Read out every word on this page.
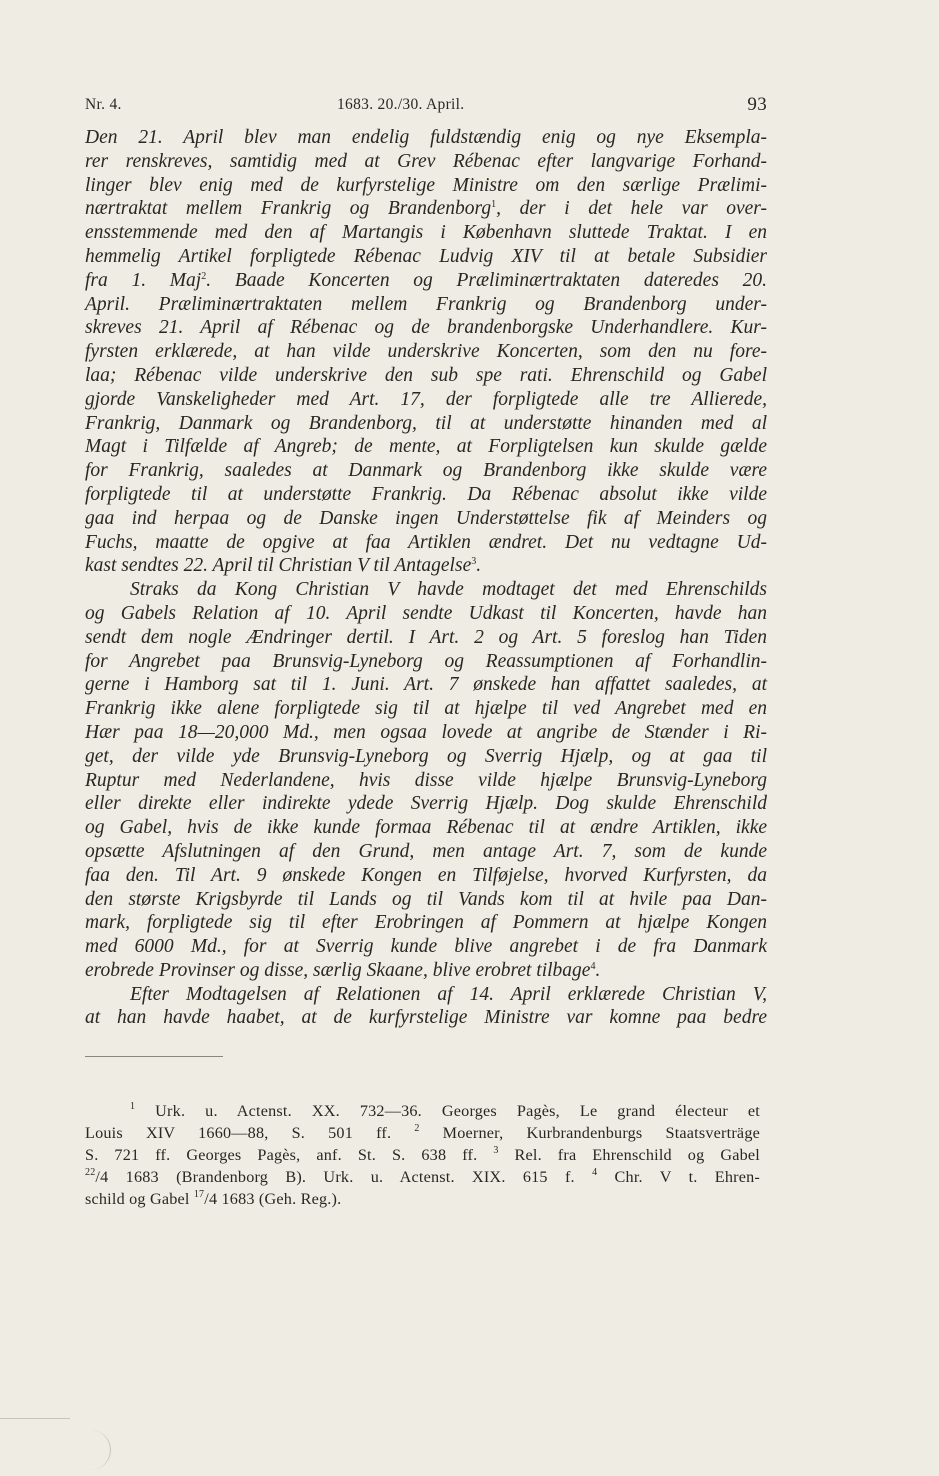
Nr. 4.	1683. 20./30. April.	93
Den 21. April blev man endelig fuldstændig enig og nye Eksempla-
rer renskreves, samtidig med at Grev Rébenac efter langvarige Forhand-
linger blev enig med de kurfyrstelige Ministre om den særlige Prælimi-
nærtraktat mellem Frankrig og Brandenborg$^1$, der i det hele var over-
ensstemmende med den af Martangis i København sluttede Traktat. I en
hemmelig Artikel forpligtede Rébenac Ludvig XIV til at betale Subsidier
fra 1. Maj$^2$. Baade Koncerten og Præliminærtraktaten dateredes 20.
April. Præliminærtraktaten mellem Frankrig og Brandenborg under-
skreves 21. April af Rébenac og de brandenborgske Underhandlere. Kur-
fyrsten erklærede, at han vilde underskrive Koncerten, som den nu fore-
laa; Rébenac vilde underskrive den sub spe rati. Ehrenschild og Gabel
gjorde Vanskeligheder med Art. 17, der forpligtede alle tre Allierede,
Frankrig, Danmark og Brandenborg, til at understøtte hinanden med al
Magt i Tilfælde af Angreb; de mente, at Forpligtelsen kun skulde gælde
for Frankrig, saaledes at Danmark og Brandenborg ikke skulde være
forpligtede til at understøtte Frankrig. Da Rébenac absolut ikke vilde
gaa ind herpaa og de Danske ingen Understøttelse fik af Meinders og
Fuchs, maatte de opgive at faa Artiklen ændret. Det nu vedtagne Ud-
kast sendtes 22. April til Christian V til Antagelse$^3$.
Straks da Kong Christian V havde modtaget det med Ehrenschilds
og Gabels Relation af 10. April sendte Udkast til Koncerten, havde han
sendt dem nogle Ændringer dertil. I Art. 2 og Art. 5 foreslog han Tiden
for Angrebet paa Brunsvig-Lyneborg og Reassumptionen af Forhandlin-
gerne i Hamborg sat til 1. Juni. Art. 7 ønskede han affattet saaledes, at
Frankrig ikke alene forpligtede sig til at hjælpe til ved Angrebet med en
Hær paa 18—20,000 Md., men ogsaa lovede at angribe de Stænder i Ri-
get, der vilde yde Brunsvig-Lyneborg og Sverrig Hjælp, og at gaa til
Ruptur med Nederlandene, hvis disse vilde hjælpe Brunsvig-Lyneborg
eller direkte eller indirekte ydede Sverrig Hjælp. Dog skulde Ehrenschild
og Gabel, hvis de ikke kunde formaa Rébenac til at ændre Artiklen, ikke
opsætte Afslutningen af den Grund, men antage Art. 7, som de kunde
faa den. Til Art. 9 ønskede Kongen en Tilføjelse, hvorved Kurfyrsten, da
den største Krigsbyrde til Lands og til Vands kom til at hvile paa Dan-
mark, forpligtede sig til efter Erobringen af Pommern at hjælpe Kongen
med 6000 Md., for at Sverrig kunde blive angrebet i de fra Danmark
erobrede Provinser og disse, særlig Skaane, blive erobret tilbage$^4$.
Efter Modtagelsen af Relationen af 14. April erklærede Christian V,
at han havde haabet, at de kurfyrstelige Ministre var komne paa bedre
$^1$ Urk. u. Actenst. XX. 732—36. Georges Pagès, Le grand électeur et
Louis XIV 1660—88, S. 501 ff. $^2$ Moerner, Kurbrandenburgs Staatsverträge
S. 721 ff. Georges Pagès, anf. St. S. 638 ff. $^3$ Rel. fra Ehrenschild og Gabel
$^{22}$/4 1683 (Brandenborg B). Urk. u. Actenst. XIX. 615 f. $^4$ Chr. V t. Ehren-
schild og Gabel $^{17}$/4 1683 (Geh. Reg.).
